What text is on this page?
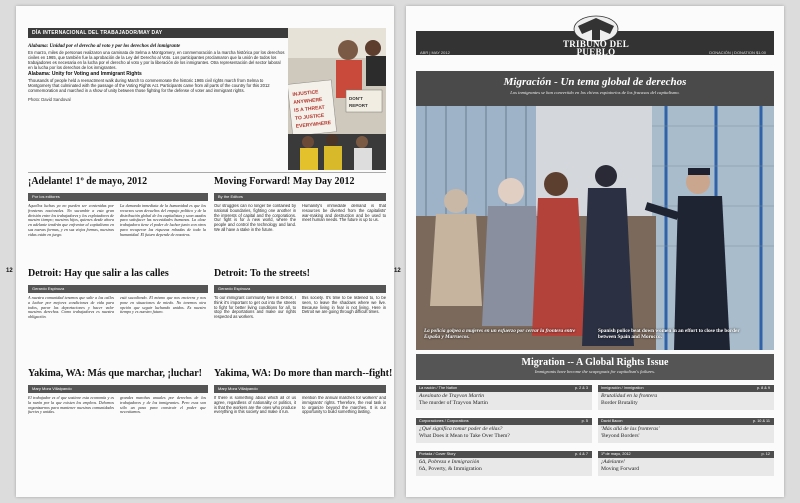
DÍA INTERNACIONAL DEL TRABAJADOR/MAY DAY
Alabama: Unidad por el derecho al voto y por los derechos del inmigrante

En marzo, miles de personas realizaron una caminata de Selma a Montgomery, en conmemoración a la marcha histórica por los derechos civiles en 1965, que también fue la aprobación de la Ley del Derecho al Voto. Los participantes proclamaron que la unión de todos los trabajadores es necesaria en la lucha por el derecho al voto y por la liberación de los inmigrantes. Otra representación del sector laboral en la lucha por los derechos de los inmigrantes.

Alabama: Unity for Voting and Immigrant Rights

Thousands of people held a reenactment walk during March to commemorate the historic 1965 civil rights march from Selma to Montgomery that culminated with the passage of the Voting Rights Act. Participants came from all parts of the country for this 2012 commemoration and marched in a show of unity between those fighting for the defense of voter and immigrant rights.

Photo: David Sandoval

INJUSTICE
ANYWHERE
IS A THREAT
TO JUSTICE
EVERYWHERE
DON'T
REPORT
¡Adelante! 1º de mayo, 2012	Moving Forward! May Day 2012
Por los editores	By the Editors
Aquellos luchas ya no pueden ser contenidas por fronteras nacionales. No sucumbir a esta gran división entre los trabajadores y los explotadores de nuestro tiempo; nuestros hijos, quienes desde ahora en adelante tendrán que enfrentar al capitalismo en sus nuevas formas, y en sus viejas formas, nuestras vidas están en juego.
La demanda inmediata de la humanidad es que los recursos sean devueltos del empujo político y de la distribución global de los capitalistas y sean usados para satisfacer las necesidades humanas. La clase trabajadora tiene el poder de luchar junto con otros para recuperar las riquezas robadas de toda la humanidad. El futuro depende de nosotros.
Our struggles can no longer be contained by national boundaries, fighting one another in the interests of capital and the corporations. Our fight is for a new world, where the people and control the technology and land. We all have a stake in the future.
Humanity's immediate demand is that resources be diverted from the capitalists' war-making and destruction and be used to meet human needs. The future is up to us.
Detroit: Hay que salir a las calles	Detroit: To the streets!
Gerardo Espinoza	Gerardo Espinoza
A nuestra comunidad tenemos que salir a las calles a luchar por mejores condiciones de vida para todos, parar las deportaciones y hacer valer nuestros derechos. Como trabajadores es nuestra obligación.
está sucediendo. El mismo que nos encierra y nos pone en situaciones de miedo. No tenemos otra opción que seguir luchando unidos. Es nuestro tiempo y es nuestro futuro.
To our immigrant community here in Detroit, I think it's important to get out into the streets to fight for better living conditions for all, to stop the deportations and make our rights respected as workers.
this society. It's time to be listened to, to be seen, to leave the shadows where we live. Because living in fear is not living. Here in Detroit we are going through difficult times.
Yakima, WA: Más que marchar, ¡luchar! Yakima, WA: Do more than march--fight!
Mary Mora Villalpando	Mary Mora Villalpando
El trabajador es el que sostiene esta economía y es la razón por la que existen los empleos. Debemos organizarnos para mantener nuestras comunidades fuertes y unidas.
grandes marchas anuales por derechos de los trabajadores y de los inmigrantes. Pero esos son sólo un paso para construir el poder que necesitamos.
If there is something about which all of us agree, regardless of nationality or politics, it is that the workers are the ones who produce everything in this society and make it run.
mention the annual marches for workers' and immigrants' rights. Therefore, the real task is to organize beyond the marches. It is our opportunity to build something lasting.
12
TRIBUNO DEL
PUEBLO
ABR | MAY 2012	DONACIÓN | DONATION $1.00
Migración - Un tema global de derechos
Los inmigrantes se han convertido en los chivos expiatorios de los fracasos del capitalismo.
La policía golpea a mujeres en un esfuerzo por cerrar la frontera entre España y Marruecos.
Spanish police beat down women in an effort to close the border between Spain and Morocco.
Migration -- A Global Rights Issue
Immigrants have become the scapegoats for capitalism's failures.
La nación / The Nation	p. 2 & 3
Asesinato de Trayvon Martin
The murder of Trayvon Martin
Corporaciones / Corporations	p. 5
¿Qué significa tomar poder de ellas?
What Does it Mean to Take Over Them?
Portada / Cover Story	p. 4 & 7
6Δ, Pobreza e Inmigración
6Δ, Poverty, & Immigration
Inmigración / Immigration	p. 8 & 9
Brutalidad en la frontera
Border Brutality
David Bacon	p. 10 & 11
'Más allá de las fronteras'
'Beyond Borders'
1º de mayo, 2012	p. 12
¡Adelante!
Moving Forward
12
